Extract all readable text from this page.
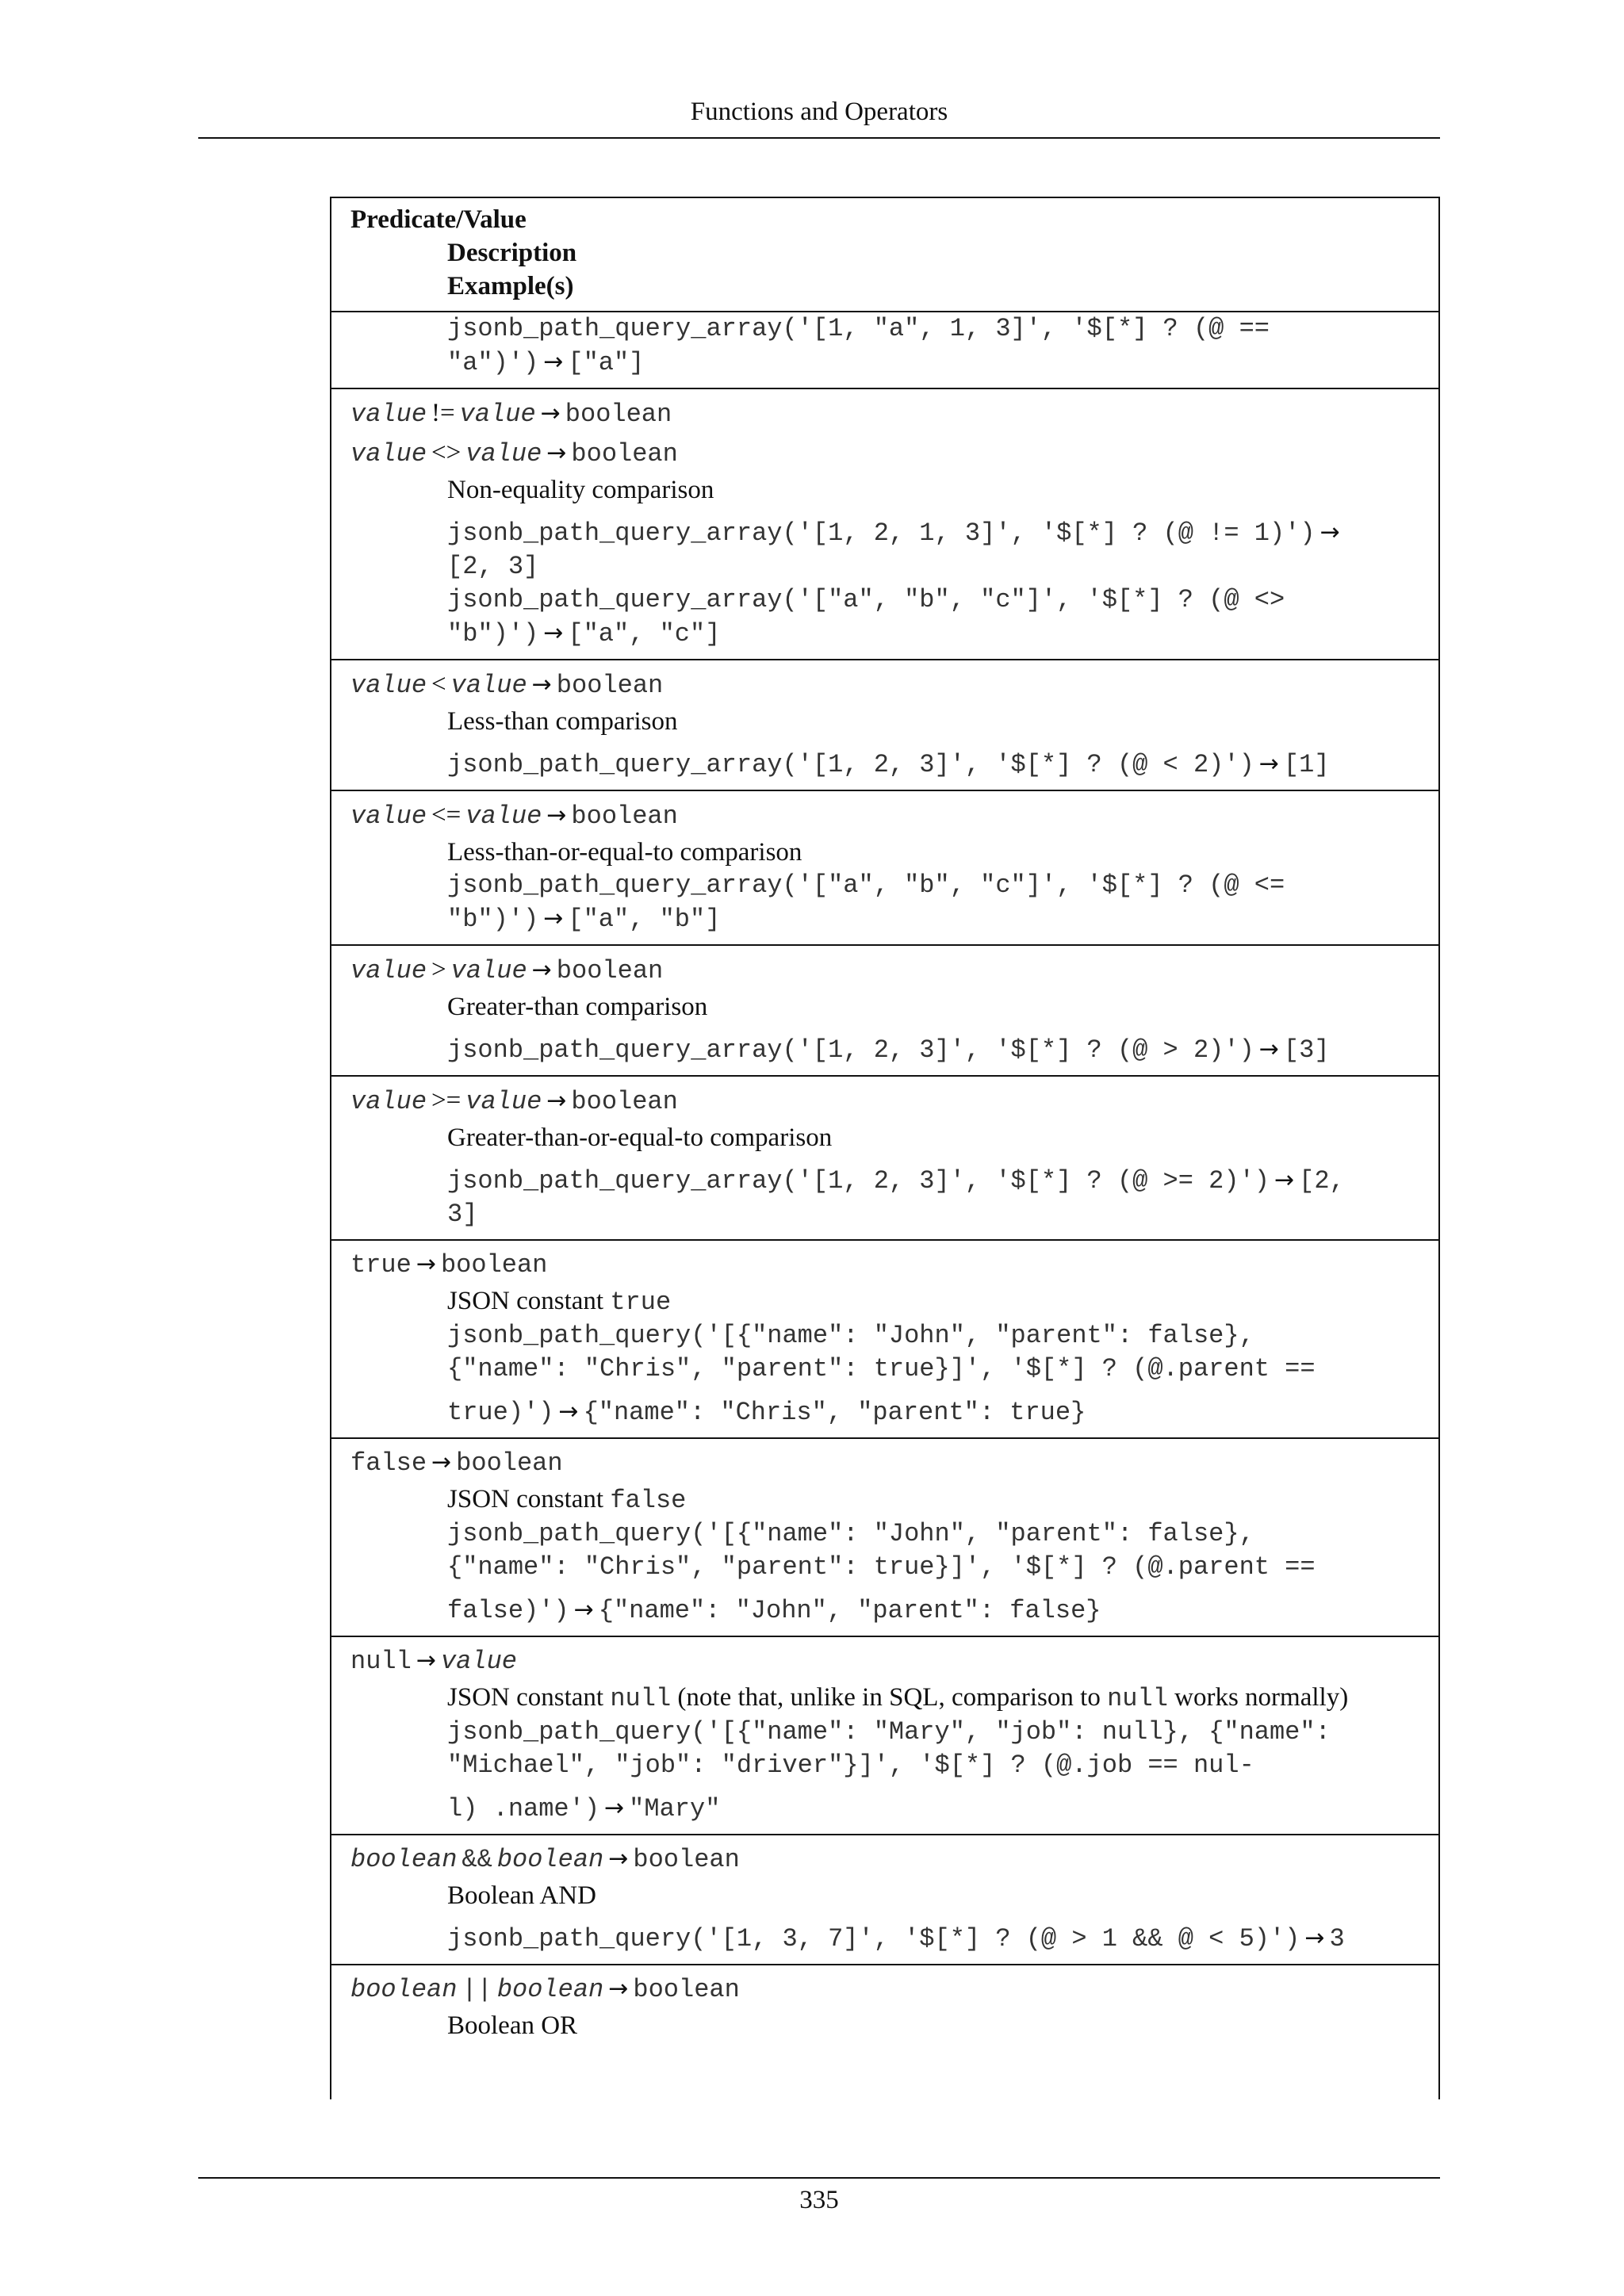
Functions and Operators
Predicate/Value
Description
Example(s)
jsonb_path_query_array('[1, "a", 1, 3]', '$[*] ? (@ ==
"a")') → ["a"]
value != value → boolean
value <> value → boolean
Non-equality comparison
jsonb_path_query_array('[1, 2, 1, 3]', '$[*] ? (@ != 1)') →
[2, 3]
jsonb_path_query_array('["a", "b", "c"]', '$[*] ? (@ <>
"b")') → ["a", "c"]
value < value → boolean
Less-than comparison
jsonb_path_query_array('[1, 2, 3]', '$[*] ? (@ < 2)') → [1]
value <= value → boolean
Less-than-or-equal-to comparison
jsonb_path_query_array('["a", "b", "c"]', '$[*] ? (@ <=
"b")') → ["a", "b"]
value > value → boolean
Greater-than comparison
jsonb_path_query_array('[1, 2, 3]', '$[*] ? (@ > 2)') → [3]
value >= value → boolean
Greater-than-or-equal-to comparison
jsonb_path_query_array('[1, 2, 3]', '$[*] ? (@ >= 2)') → [2,
3]
true → boolean
JSON constant true
jsonb_path_query('[{"name": "John", "parent": false},
{"name": "Chris", "parent": true}]', '$[*] ? (@.parent ==
true)') → {"name": "Chris", "parent": true}
false → boolean
JSON constant false
jsonb_path_query('[{"name": "John", "parent": false},
{"name": "Chris", "parent": true}]', '$[*] ? (@.parent ==
false)') → {"name": "John", "parent": false}
null → value
JSON constant null (note that, unlike in SQL, comparison to null works normally)
jsonb_path_query('[{"name": "Mary", "job": null}, {"name":
"Michael", "job": "driver"}]', '$[*] ? (@.job == nul-
l) .name') → "Mary"
boolean && boolean → boolean
Boolean AND
jsonb_path_query('[1, 3, 7]', '$[*] ? (@ > 1 && @ < 5)') → 3
boolean || boolean → boolean
Boolean OR
335
